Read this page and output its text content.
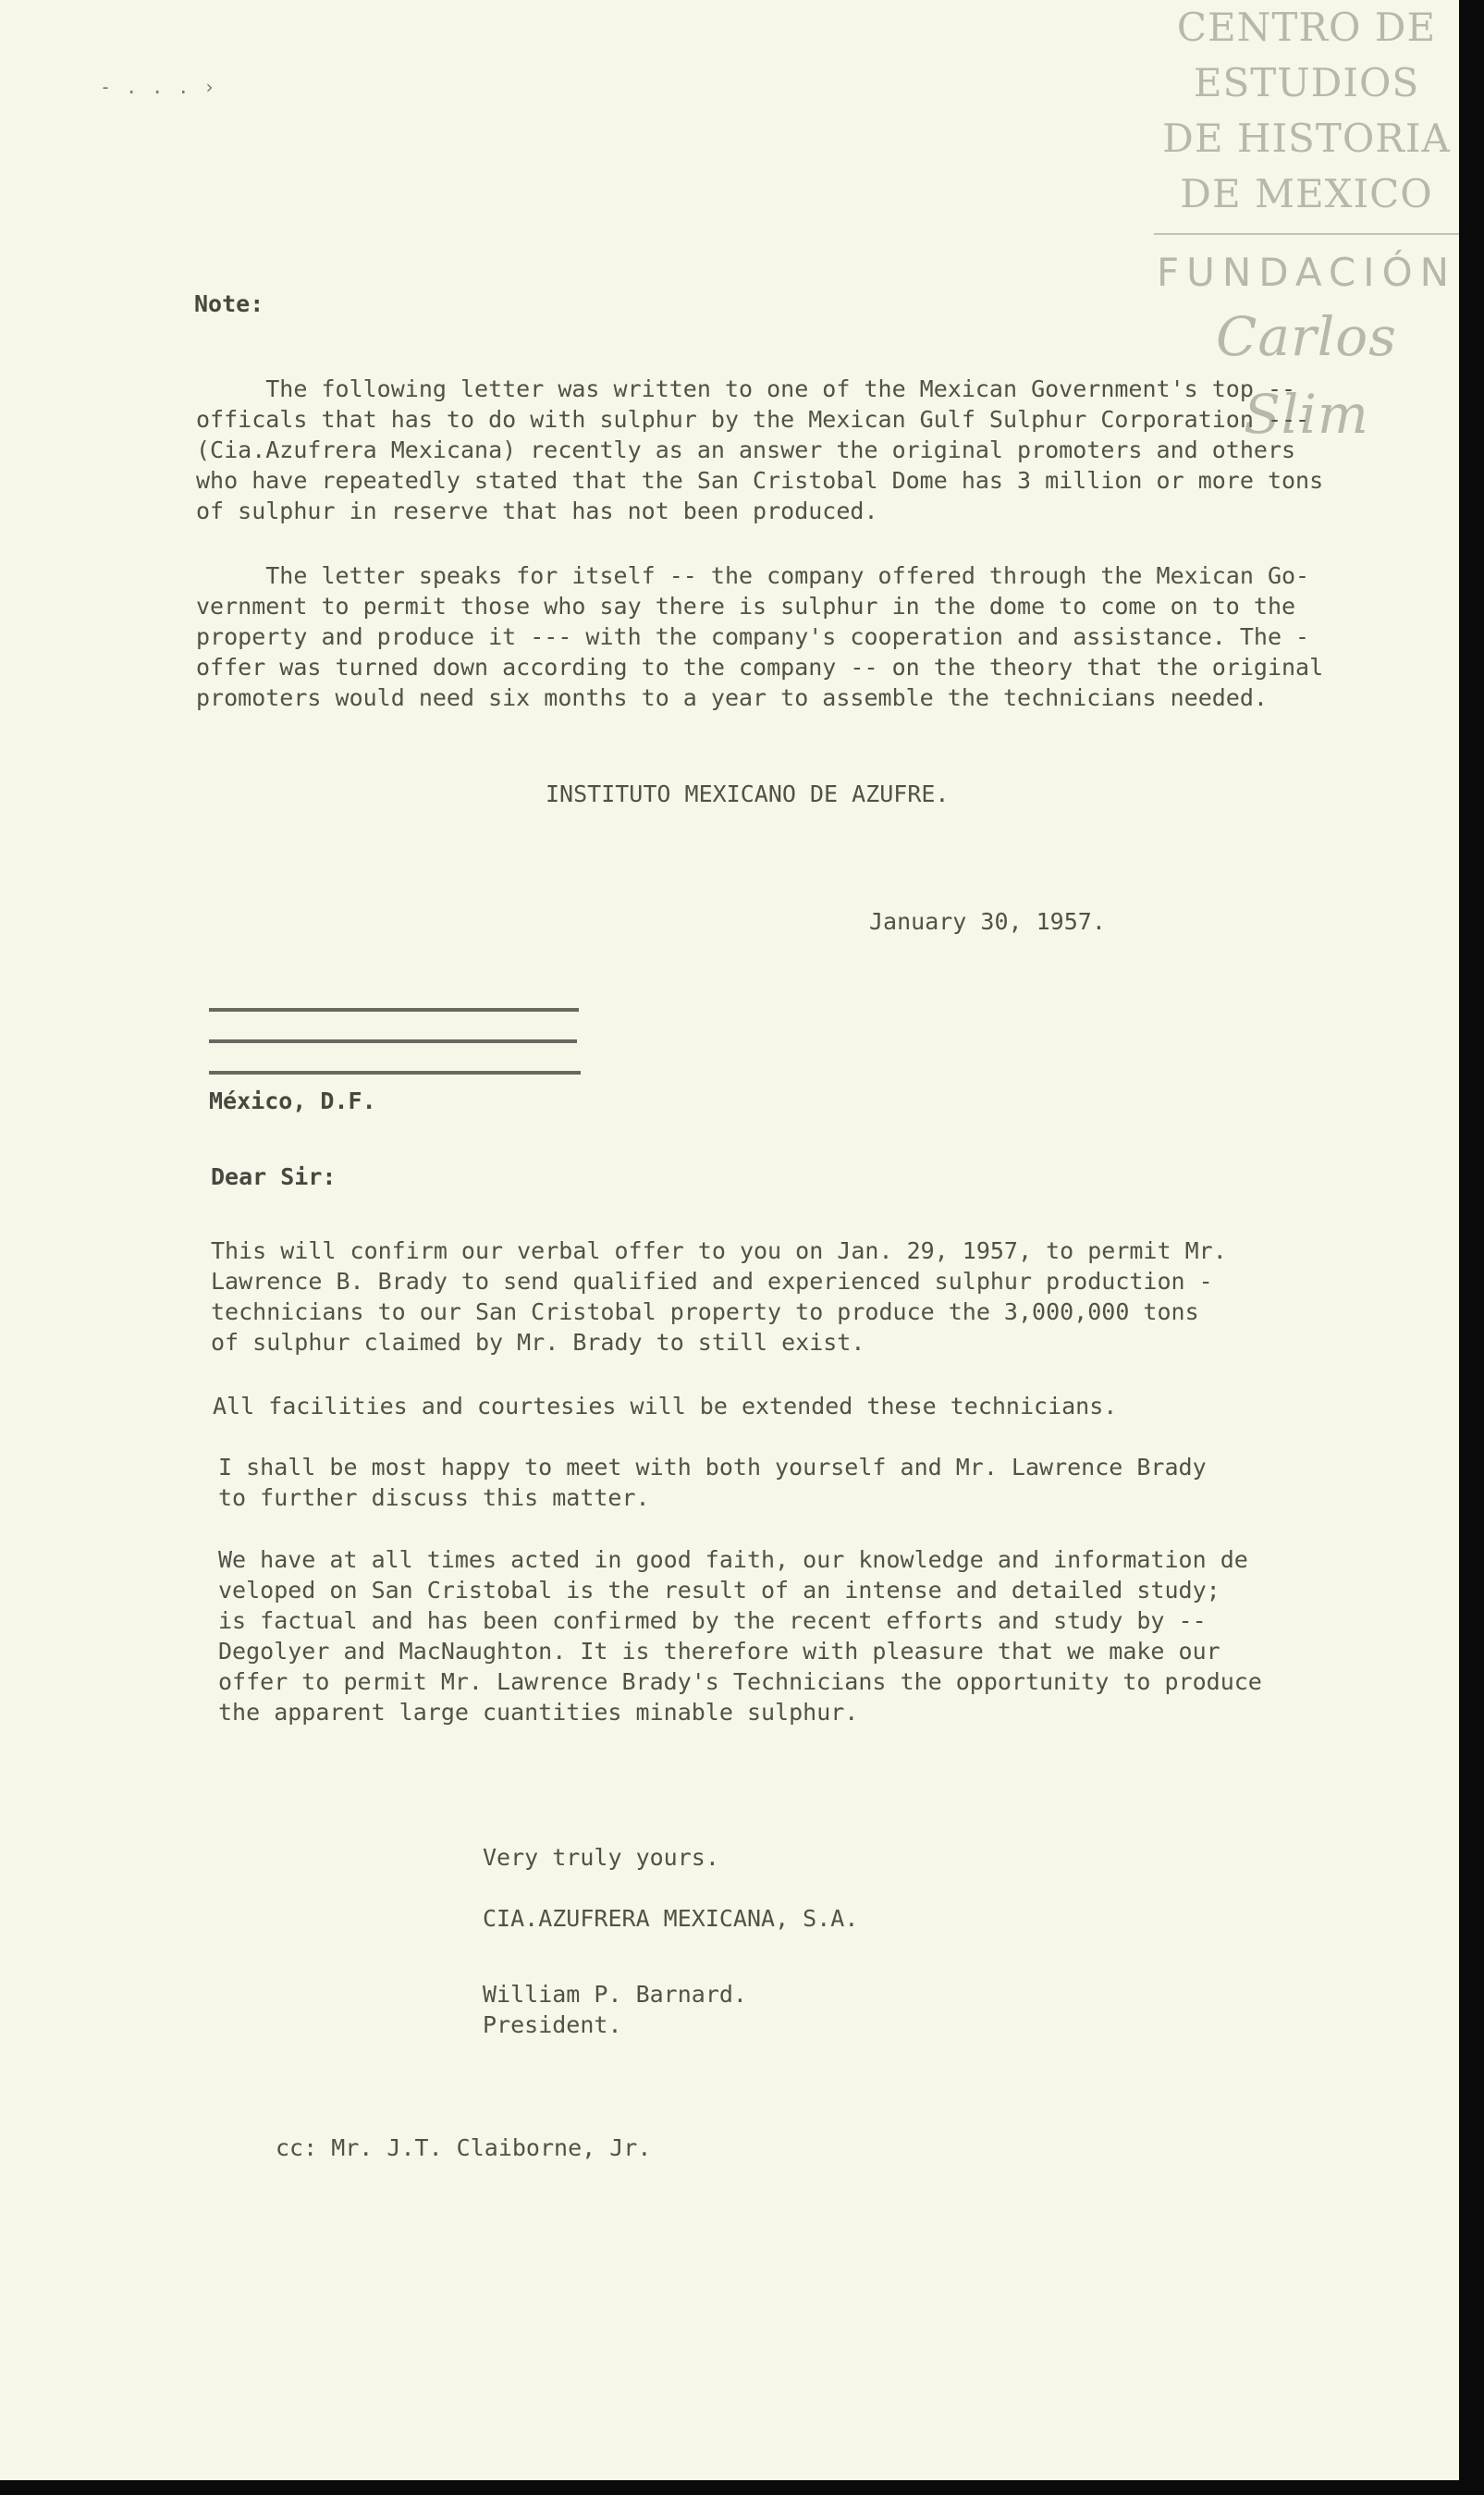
CENTRO DE
ESTUDIOS
DE HISTORIA
DE MEXICO
FUNDACIÓN
Carlos Slim
- . . . ›
Note:
The following letter was written to one of the Mexican Government's top --
officals that has to do with sulphur by the Mexican Gulf Sulphur Corporation ---
(Cia.Azufrera Mexicana) recently as an answer the original promoters and others
who have repeatedly stated that the San Cristobal Dome has 3 million or more tons
of sulphur in reserve that has not been produced.
The letter speaks for itself -- the company offered through the Mexican Go-
vernment to permit those who say there is sulphur in the dome to come on to the
property and produce it --- with the company's cooperation and assistance. The -
offer was turned down according to the company -- on the theory that the original
promoters would need six months to a year to assemble the technicians needed.
INSTITUTO MEXICANO DE AZUFRE.
January 30, 1957.
México, D.F.
Dear Sir:
This will confirm our verbal offer to you on Jan. 29, 1957, to permit Mr.
Lawrence B. Brady to send qualified and experienced sulphur production -
technicians to our San Cristobal property to produce the 3,000,000 tons
of sulphur claimed by Mr. Brady to still exist.
All facilities and courtesies will be extended these technicians.
I shall be most happy to meet with both yourself and Mr. Lawrence Brady
to further discuss this matter.
We have at all times acted in good faith, our knowledge and information de
veloped on San Cristobal is the result of an intense and detailed study;
is factual and has been confirmed by the recent efforts and study by --
Degolyer and MacNaughton. It is therefore with pleasure that we make our
offer to permit Mr. Lawrence Brady's Technicians the opportunity to produce
the apparent large cuantities minable sulphur.
Very truly yours.
CIA.AZUFRERA MEXICANA, S.A.
William P. Barnard.
President.
cc: Mr. J.T. Claiborne, Jr.
